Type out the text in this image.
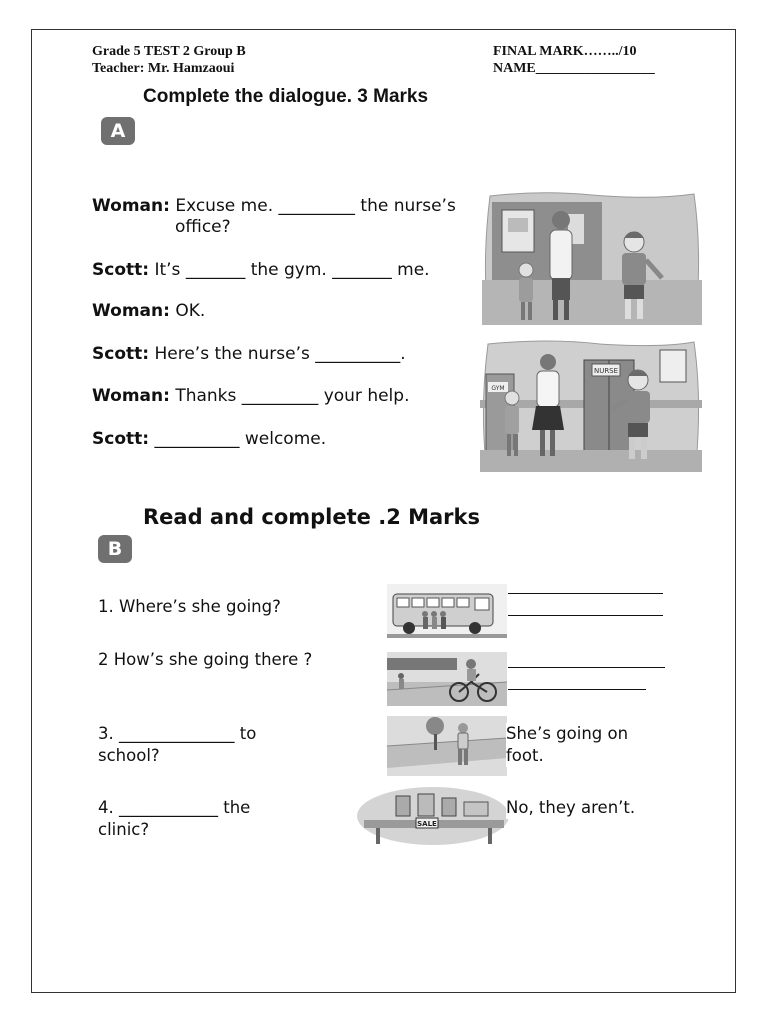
Grade 5 TEST 2 Group B
Teacher: Mr. Hamzaoui
FINAL MARK……../10
NAME_________________
Complete the dialogue. 3 Marks
A
Woman: Excuse me. _________ the nurse’s
office?
Scott: It’s _______ the gym. _______ me.
Woman: OK.
Scott: Here’s the nurse’s __________.
Woman: Thanks _________ your help.
Scott: __________ welcome.
NURSE
GYM
Read and complete .2 Marks
B
1. Where’s she going?
2 How’s she going there ?
3. ______________ to
school?
4. ____________ the
clinic?	SALE
She’s going on
foot.
No, they aren’t.
